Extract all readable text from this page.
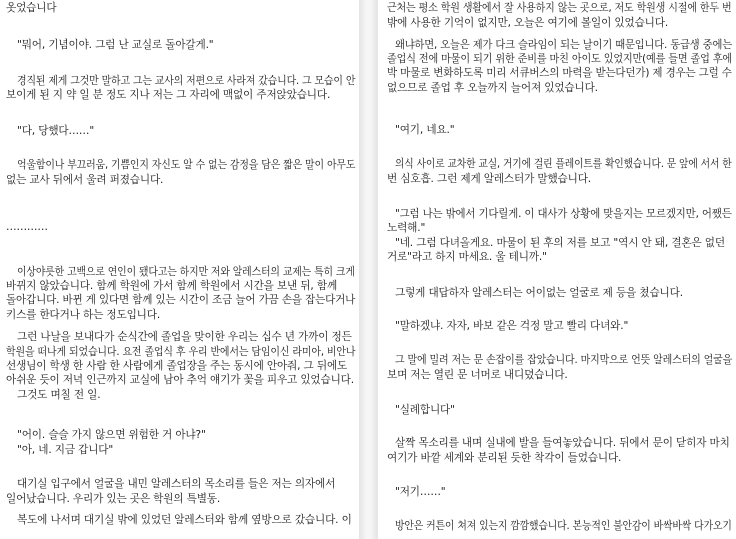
옷었습니다

"뭐어, 기념이야. 그럼 난 교실로 돌아갈게."

경직된 제게 그것만 말하고 그는 교사의 저편으로 사라져 갔습니다. 그 모습이 안

보이게 된 지 약 일 분 정도 지나 저는 그 자리에 맥없이 주저앉았습니다.

"다, 당했다……"

억울함이나 부끄러움, 기쁨인지 자신도 알 수 없는 감정을 담은 짧은 말이 아무도

없는 교사 뒤에서 울려 퍼졌습니다.

…………

이상야릇한 고백으로 연인이 됐다고는 하지만 저와 알레스터의 교제는 특히 크게

바뀌지 않았습니다. 함께 학원에 가서 함께 학원에서 시간을 보낸 뒤, 함께

돌아갑니다. 바뀐 게 있다면 함께 있는 시간이 조금 늘어 가끔 손을 잡는다거나

키스를 한다거나 하는 정도입니다.

그런 나날을 보내다가 순식간에 졸업을 맞이한 우리는 십수 년 가까이 정든

학원을 떠나게 되었습니다. 요전 졸업식 후 우리 반에서는 담임이신 라미아, 비안나

선생님이 학생 한 사람 한 사람에게 졸업장을 주는 동시에 안아줘, 그 뒤에도

아쉬운 듯이 저녁 인근까지 교실에 남아 추억 얘기가 꽃을 피우고 있었습니다.

그것도 며칠 전 일.

"어이. 슬슬 가지 않으면 위험한 거 아냐?"

"아, 네. 지금 갑니다"

대기실 입구에서 얼굴을 내민 알레스터의 목소리를 들은 저는 의자에서

일어났습니다. 우리가 있는 곳은 학원의 특별동.

복도에 나서며 대기실 밖에 있었던 알레스터와 함께 옆방으로 갔습니다. 이

근처는 평소 학원 생활에서 잘 사용하지 않는 곳으로, 저도 학원생 시절에 한두 번

밖에 사용한 기억이 없지만, 오늘은 여기에 볼일이 있었습니다.

왜냐하면, 오늘은 제가 다크 슬라임이 되는 날이기 때문입니다. 동급생 중에는

졸업식 전에 마물이 되기 위한 준비를 마친 아이도 있었지만(예를 들면 졸업 후에

박 마물로 변화하도록 미리 서큐버스의 마력을 받는다던가) 제 경우는 그럴 수

없으므로 졸업 후 오늘까지 늘어져 있었습니다.

"여기, 네요."

의식 사이로 교차한 교실, 거기에 걸린 플레이트를 확인했습니다. 문 앞에 서서 한

번 심호흡. 그런 제게 알레스터가 말했습니다.

"그럼 나는 밖에서 기다릴게. 이 대사가 상황에 맞을지는 모르겠지만, 어쨌든

노력해."

"네. 그럼 다녀올게요. 마물이 된 후의 저를 보고 "역시 안 돼, 결혼은 없던

거로"라고 하지 마세요. 울 테니까."

그렇게 대답하자 알레스터는 어이없는 얼굴로 제 등을 쳤습니다.

"말하겠냐. 자자, 바보 같은 걱정 말고 빨리 다녀와."

그 말에 밀려 저는 문 손잡이를 잡았습니다. 마지막으로 언뜻 알레스터의 얼굴을

보며 저는 열린 문 너머로 내디뎠습니다.

"실례합니다"

살짝 목소리를 내며 실내에 발을 들여놓았습니다. 뒤에서 문이 닫히자 마치

여기가 바깥 세계와 분리된 듯한 착각이 들었습니다.

"저기……"

방안은 커튼이 쳐져 있는지 깜깜했습니다. 본능적인 불안감이 바싹바싹 다가오기
